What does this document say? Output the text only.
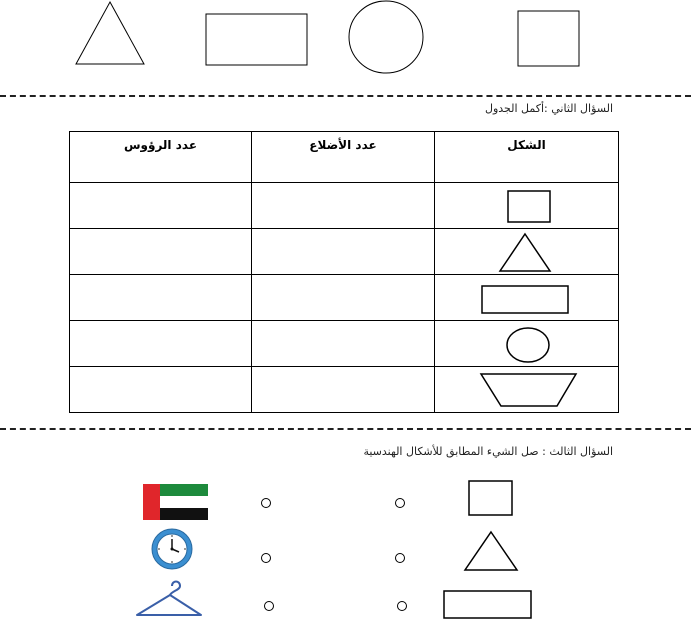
السؤال الثاني :أكمل الجدول
عدد الرؤوس	عدد الأضلاع	الشكل

السؤال الثالث : صل الشيء المطابق للأشكال الهندسية
